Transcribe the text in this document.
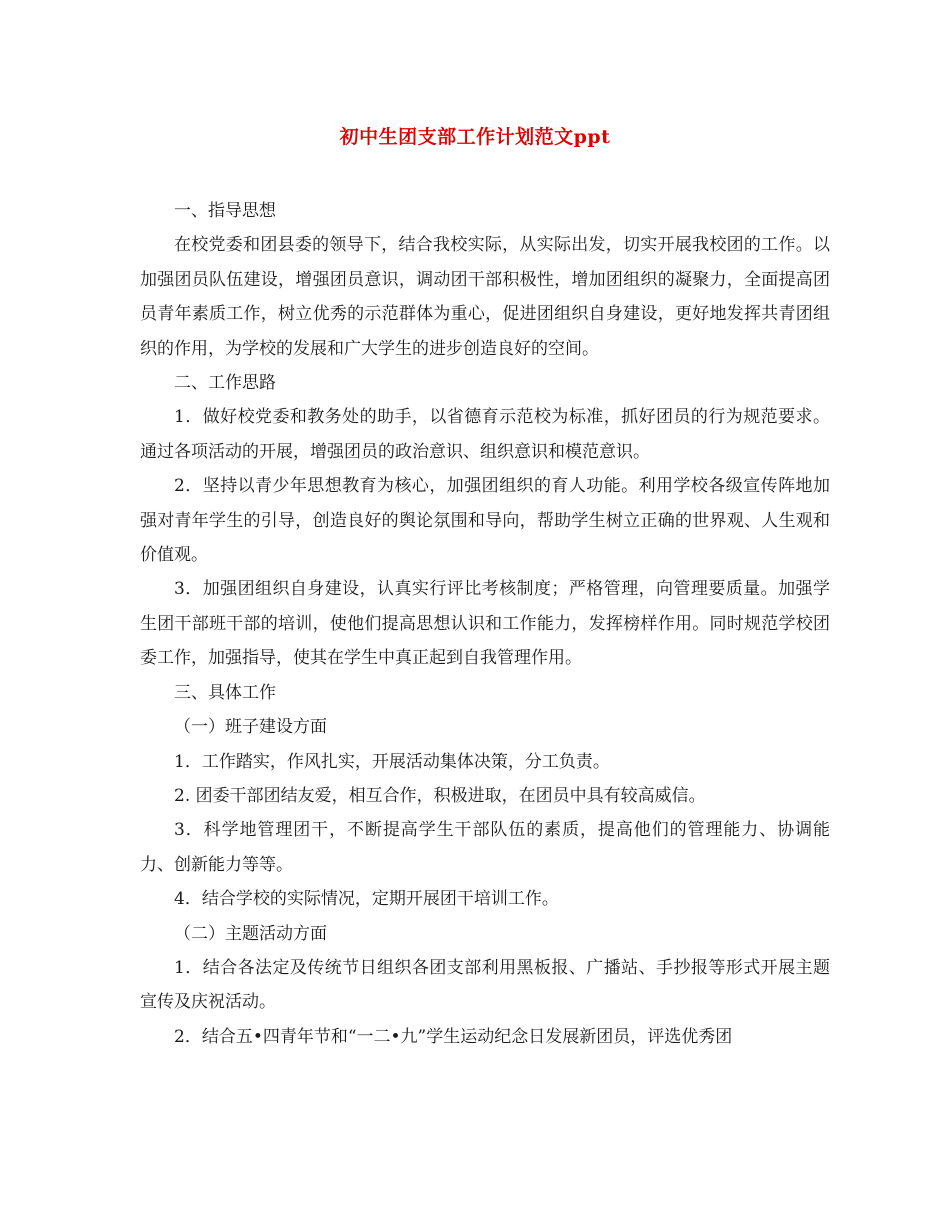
初中生团支部工作计划范文ppt

一、指导思想

在校党委和团县委的领导下，结合我校实际，从实际出发，切实开展我校团的工作。以加强团员队伍建设，增强团员意识，调动团干部积极性，增加团组织的凝聚力，全面提高团员青年素质工作，树立优秀的示范群体为重心，促进团组织自身建设，更好地发挥共青团组织的作用，为学校的发展和广大学生的进步创造良好的空间。

二、工作思路

1．做好校党委和教务处的助手，以省德育示范校为标准，抓好团员的行为规范要求。通过各项活动的开展，增强团员的政治意识、组织意识和模范意识。

2．坚持以青少年思想教育为核心，加强团组织的育人功能。利用学校各级宣传阵地加强对青年学生的引导，创造良好的舆论氛围和导向，帮助学生树立正确的世界观、人生观和价值观。

3．加强团组织自身建设，认真实行评比考核制度；严格管理，向管理要质量。加强学生团干部班干部的培训，使他们提高思想认识和工作能力，发挥榜样作用。同时规范学校团委工作，加强指导，使其在学生中真正起到自我管理作用。

三、具体工作

（一）班子建设方面

1．工作踏实，作风扎实，开展活动集体决策，分工负责。

2. 团委干部团结友爱，相互合作，积极进取，在团员中具有较高威信。

3．科学地管理团干，不断提高学生干部队伍的素质，提高他们的管理能力、协调能力、创新能力等等。

4．结合学校的实际情况，定期开展团干培训工作。

（二）主题活动方面

1．结合各法定及传统节日组织各团支部利用黑板报、广播站、手抄报等形式开展主题宣传及庆祝活动。

2．结合五•四青年节和“一二•九”学生运动纪念日发展新团员，评选优秀团
